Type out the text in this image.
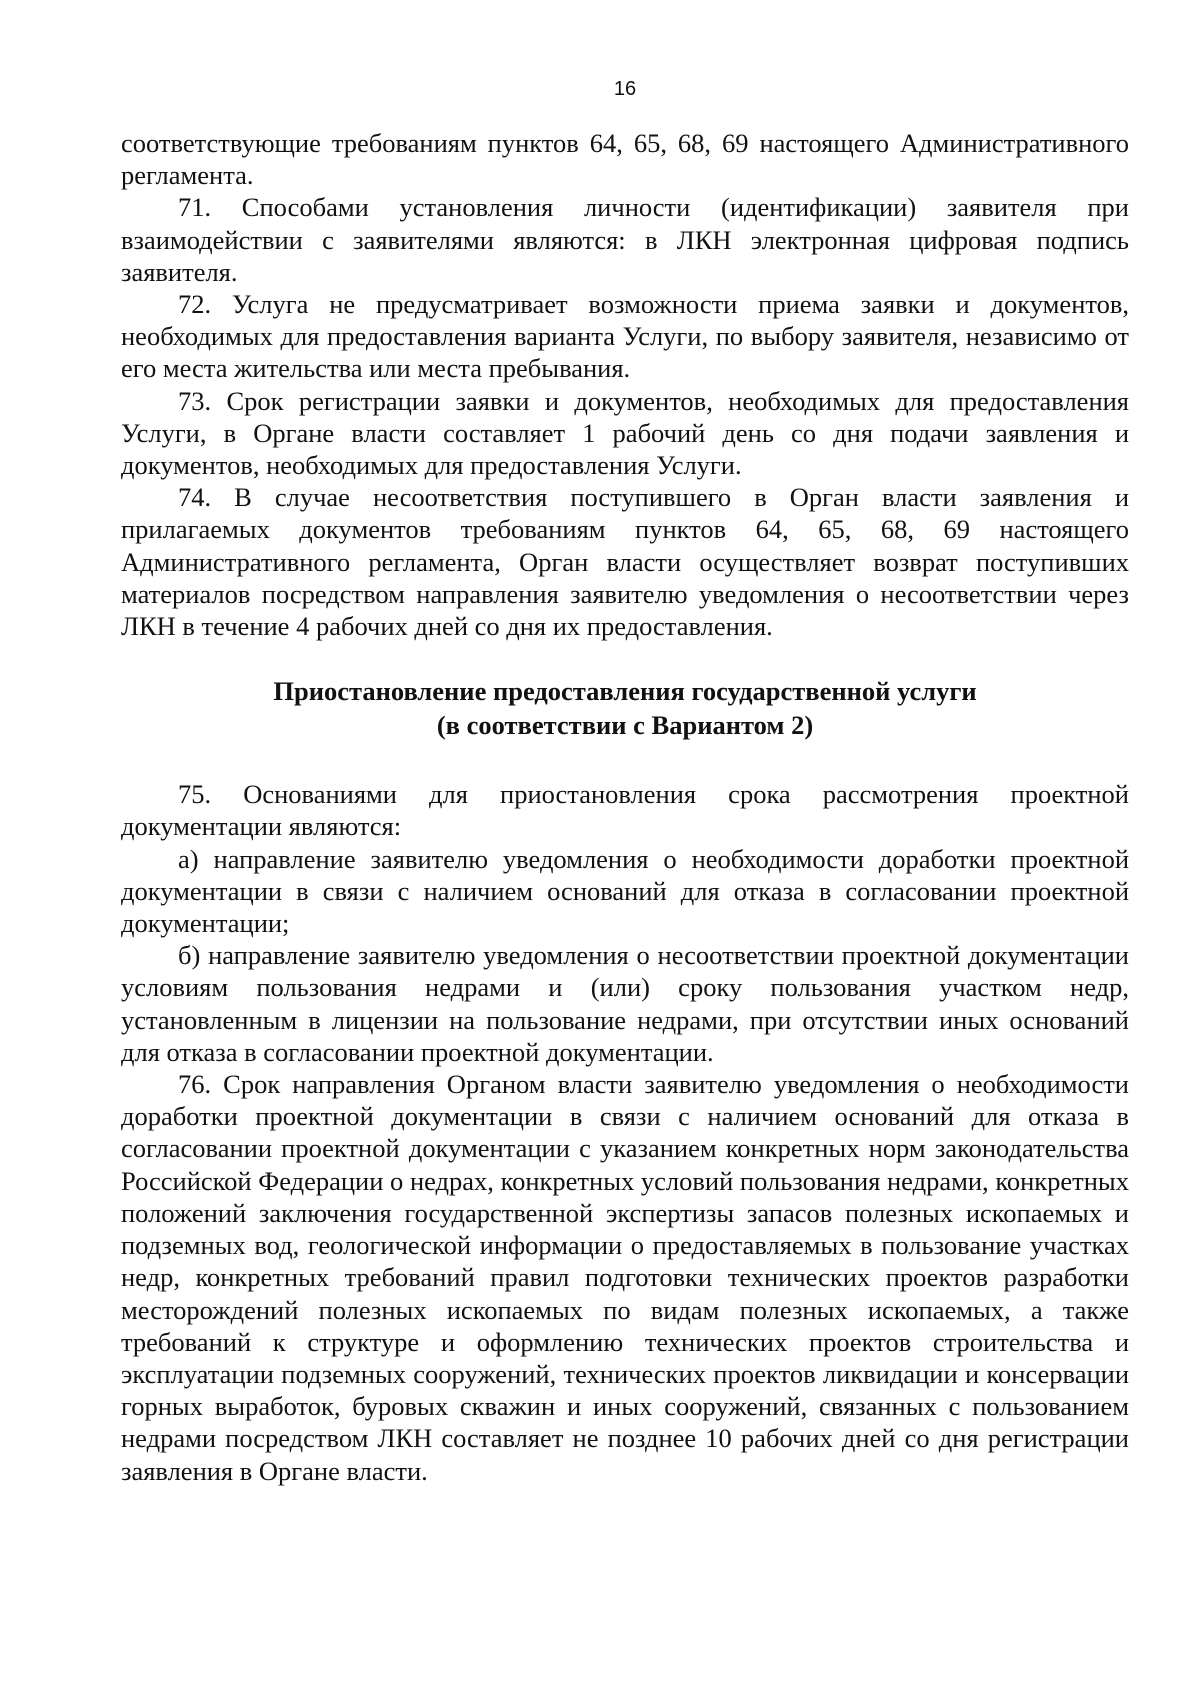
16

соответствующие требованиям пунктов 64, 65, 68, 69 настоящего Административного регламента.

71. Способами установления личности (идентификации) заявителя при взаимодействии с заявителями являются: в ЛКН электронная цифровая подпись заявителя.

72. Услуга не предусматривает возможности приема заявки и документов, необходимых для предоставления варианта Услуги, по выбору заявителя, независимо от его места жительства или места пребывания.

73. Срок регистрации заявки и документов, необходимых для предоставления Услуги, в Органе власти составляет 1 рабочий день со дня подачи заявления и документов, необходимых для предоставления Услуги.

74. В случае несоответствия поступившего в Орган власти заявления и прилагаемых документов требованиям пунктов 64, 65, 68, 69 настоящего Административного регламента, Орган власти осуществляет возврат поступивших материалов посредством направления заявителю уведомления о несоответствии через ЛКН в течение 4 рабочих дней со дня их предоставления.

Приостановление предоставления государственной услуги
(в соответствии с Вариантом 2)

75. Основаниями для приостановления срока рассмотрения проектной документации являются:

а) направление заявителю уведомления о необходимости доработки проектной документации в связи с наличием оснований для отказа в согласовании проектной документации;

б) направление заявителю уведомления о несоответствии проектной документации условиям пользования недрами и (или) сроку пользования участком недр, установленным в лицензии на пользование недрами, при отсутствии иных оснований для отказа в согласовании проектной документации.

76. Срок направления Органом власти заявителю уведомления о необходимости доработки проектной документации в связи с наличием оснований для отказа в согласовании проектной документации с указанием конкретных норм законодательства Российской Федерации о недрах, конкретных условий пользования недрами, конкретных положений заключения государственной экспертизы запасов полезных ископаемых и подземных вод, геологической информации о предоставляемых в пользование участках недр, конкретных требований правил подготовки технических проектов разработки месторождений полезных ископаемых по видам полезных ископаемых, а также требований к структуре и оформлению технических проектов строительства и эксплуатации подземных сооружений, технических проектов ликвидации и консервации горных выработок, буровых скважин и иных сооружений, связанных с пользованием недрами посредством ЛКН составляет не позднее 10 рабочих дней со дня регистрации заявления в Органе власти.
